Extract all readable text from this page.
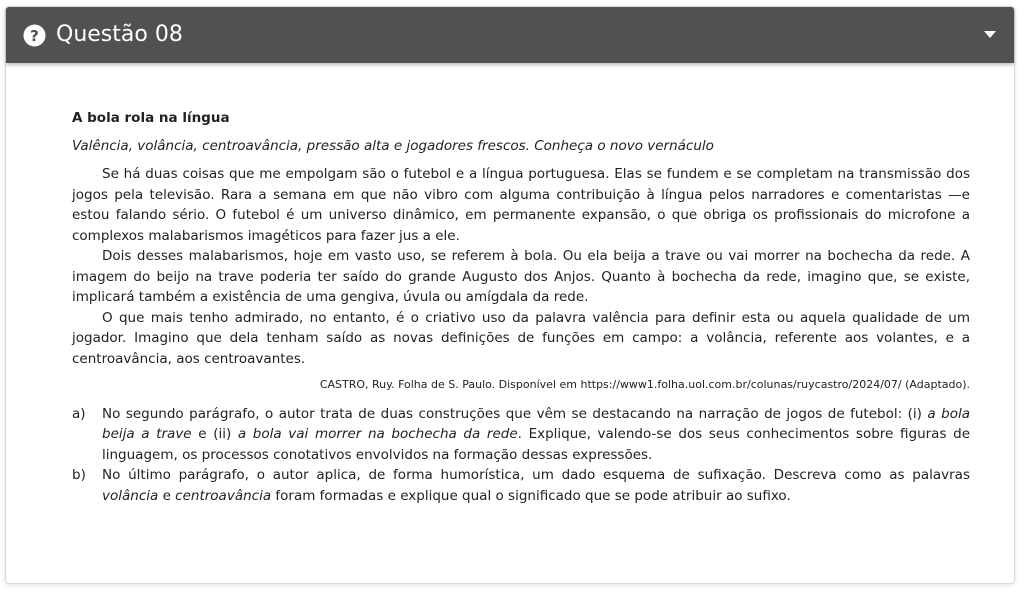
? Questão 08

A bola rola na língua

Valência, volância, centroavância, pressão alta e jogadores frescos. Conheça o novo vernáculo

Se há duas coisas que me empolgam são o futebol e a língua portuguesa. Elas se fundem e se completam na transmissão dos jogos pela televisão. Rara a semana em que não vibro com alguma contribuição à língua pelos narradores e comentaristas —e estou falando sério. O futebol é um universo dinâmico, em permanente expansão, o que obriga os profissionais do microfone a complexos malabarismos imagéticos para fazer jus a ele.

Dois desses malabarismos, hoje em vasto uso, se referem à bola. Ou ela beija a trave ou vai morrer na bochecha da rede. A imagem do beijo na trave poderia ter saído do grande Augusto dos Anjos. Quanto à bochecha da rede, imagino que, se existe, implicará também a existência de uma gengiva, úvula ou amígdala da rede.

O que mais tenho admirado, no entanto, é o criativo uso da palavra valência para definir esta ou aquela qualidade de um jogador. Imagino que dela tenham saído as novas definições de funções em campo: a volância, referente aos volantes, e a centroavância, aos centroavantes.

CASTRO, Ruy. Folha de S. Paulo. Disponível em https://www1.folha.uol.com.br/colunas/ruycastro/2024/07/ (Adaptado).

a) No segundo parágrafo, o autor trata de duas construções que vêm se destacando na narração de jogos de futebol: (i) a bola beija a trave e (ii) a bola vai morrer na bochecha da rede. Explique, valendo-se dos seus conhecimentos sobre figuras de linguagem, os processos conotativos envolvidos na formação dessas expressões.

b) No último parágrafo, o autor aplica, de forma humorística, um dado esquema de sufixação. Descreva como as palavras volância e centroavância foram formadas e explique qual o significado que se pode atribuir ao sufixo.
